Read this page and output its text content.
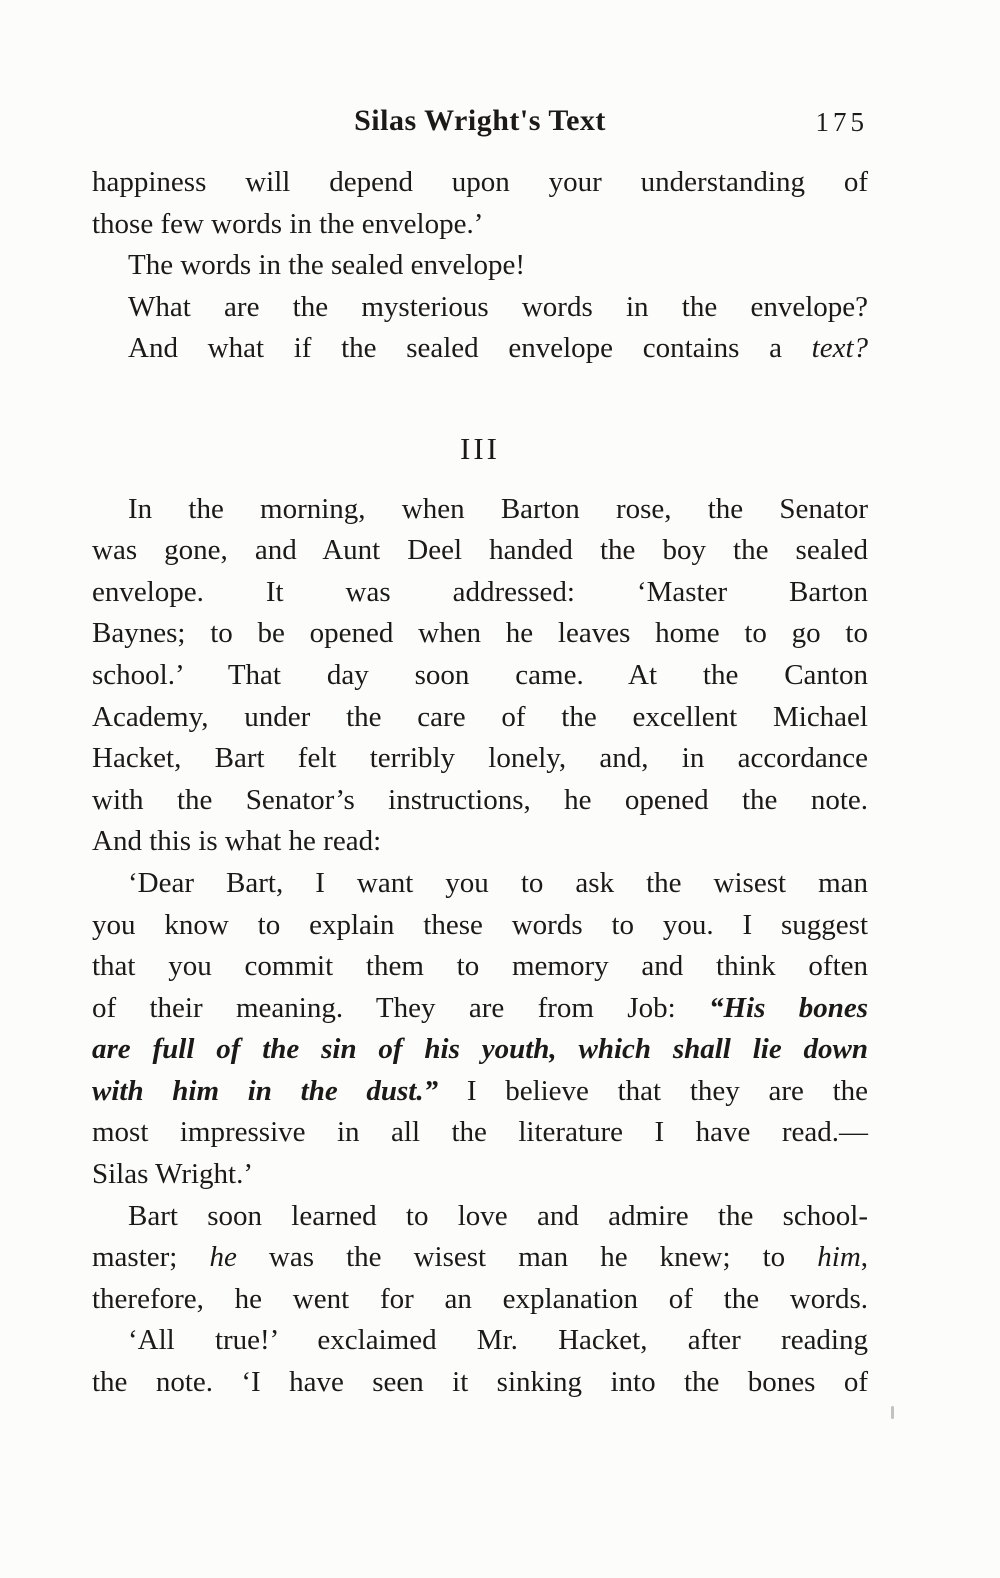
Silas Wright's Text	175
happiness will depend upon your understanding of
those few words in the envelope.’
The words in the sealed envelope!
What are the mysterious words in the envelope?
And what if the sealed envelope contains a text?
III
In the morning, when Barton rose, the Senator
was gone, and Aunt Deel handed the boy the sealed
envelope. It was addressed: ‘Master Barton
Baynes; to be opened when he leaves home to go to
school.’ That day soon came. At the Canton
Academy, under the care of the excellent Michael
Hacket, Bart felt terribly lonely, and, in accordance
with the Senator’s instructions, he opened the note.
And this is what he read:
‘Dear Bart, I want you to ask the wisest man
you know to explain these words to you. I suggest
that you commit them to memory and think often
of their meaning. They are from Job: “His bones
are full of the sin of his youth, which shall lie down
with him in the dust.” I believe that they are the
most impressive in all the literature I have read.—
Silas Wright.’
Bart soon learned to love and admire the school-
master; he was the wisest man he knew; to him,
therefore, he went for an explanation of the words.
‘All true!’ exclaimed Mr. Hacket, after reading
the note. ‘I have seen it sinking into the bones of
